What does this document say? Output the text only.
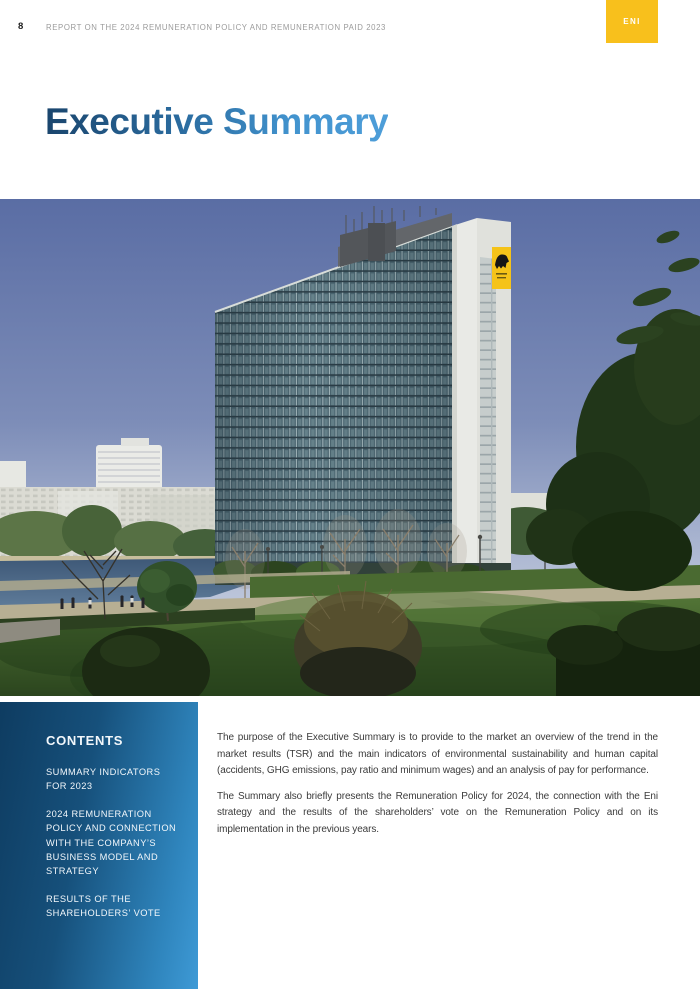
8	REPORT ON THE 2024 REMUNERATION POLICY AND REMUNERATION PAID 2023
ENI
Executive Summary
CONTENTS
SUMMARY INDICATORS FOR 2023
2024 REMUNERATION POLICY AND CONNECTION WITH THE COMPANY’S BUSINESS MODEL AND STRATEGY
RESULTS OF THE SHAREHOLDERS’ VOTE

The purpose of the Executive Summary is to provide to the market an overview of the trend in the market results (TSR) and the main indicators of environmental sustainability and human capital (accidents, GHG emissions, pay ratio and minimum wages) and an analysis of pay for performance.

The Summary also briefly presents the Remuneration Policy for 2024, the connection with the Eni strategy and the results of the shareholders’ vote on the Remuneration Policy and on its implementation in the previous years.
